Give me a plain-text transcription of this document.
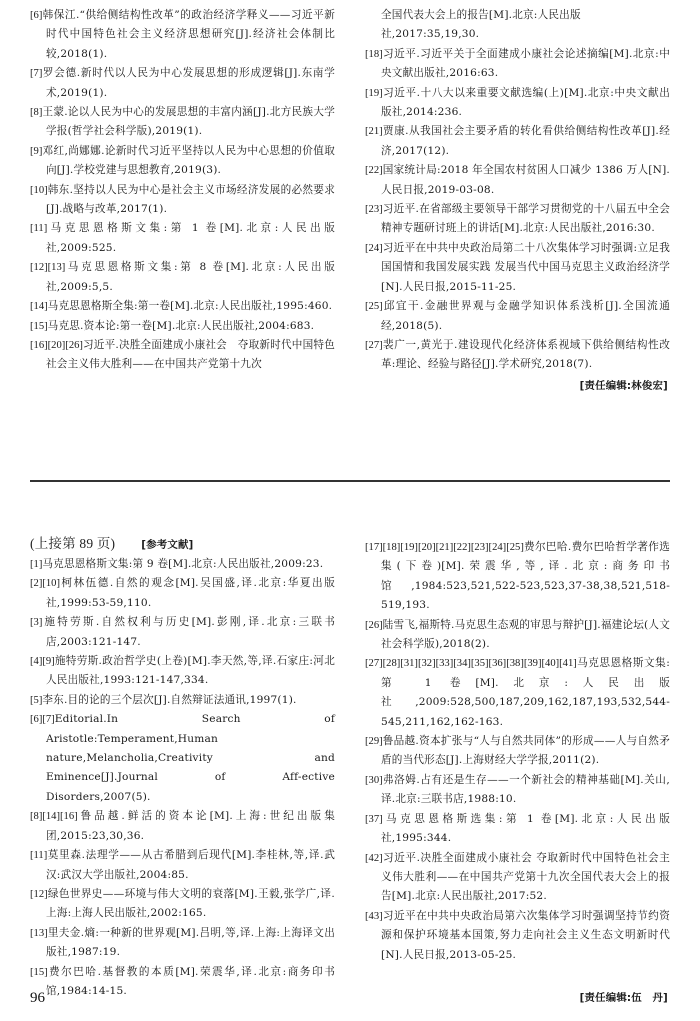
[6]韩保江.“供给侧结构性改革”的政治经济学释义——习近平新时代中国特色社会主义经济思想研究[J].经济社会体制比较,2018(1).
[7]罗会德.新时代以人民为中心发展思想的形成逻辑[J].东南学术,2019(1).
[8]王蒙.论以人民为中心的发展思想的丰富内涵[J].北方民族大学学报(哲学社会科学版),2019(1).
[9]邓红,尚娜娜.论新时代习近平坚持以人民为中心思想的价值取向[J].学校党建与思想教育,2019(3).
[10]韩东.坚持以人民为中心是社会主义市场经济发展的必然要求[J].战略与改革,2017(1).
[11]马克思恩格斯文集:第 1 卷[M].北京:人民出版社,2009:525.
[12][13]马克思恩格斯文集:第 8 卷[M].北京:人民出版社,2009:5,5.
[14]马克思恩格斯全集:第一卷[M].北京:人民出版社,1995:460.
[15]马克思.资本论:第一卷[M].北京:人民出版社,2004:683.
[16][20][26]习近平.决胜全面建成小康社会　夺取新时代中国特色社会主义伟大胜利——在中国共产党第十九次
全国代表大会上的报告[M].北京:人民出版社,2017:35,19,30.
[18]习近平.习近平关于全面建成小康社会论述摘编[M].北京:中央文献出版社,2016:63.
[19]习近平.十八大以来重要文献选编(上)[M].北京:中央文献出版社,2014:236.
[21]贾康.从我国社会主要矛盾的转化看供给侧结构性改革[J].经济,2017(12).
[22]国家统计局:2018 年全国农村贫困人口减少 1386 万人[N].人民日报,2019-03-08.
[23]习近平.在省部级主要领导干部学习贯彻党的十八届五中全会精神专题研讨班上的讲话[M].北京:人民出版社,2016:30.
[24]习近平在中共中央政治局第二十八次集体学习时强调:立足我国国情和我国发展实践 发展当代中国马克思主义政治经济学[N].人民日报,2015-11-25.
[25]邱宜干.金融世界观与金融学知识体系浅析[J].全国流通经,2018(5).
[27]裴广一,黄光于.建设现代化经济体系视域下供给侧结构性改革:理论、经验与路径[J].学术研究,2018(7).
[责任编辑:林俊宏]
(上接第 89 页)	[参考文献]
[1]马克思恩格斯文集:第 9 卷[M].北京:人民出版社,2009:23.
[2][10]柯林伍德.自然的观念[M].吴国盛,译.北京:华夏出版社,1999:53-59,110.
[3]施特劳斯.自然权利与历史[M].彭刚,译.北京:三联书店,2003:121-147.
[4][9]施特劳斯.政治哲学史(上卷)[M].李天然,等,译.石家庄:河北人民出版社,1993:121-147,334.
[5]李东.目的论的三个层次[J].自然辩证法通讯,1997(1).
[6][7]Editorial.In Search of Aristotle:Temperament,Human nature,Melancholia,Creativity and Eminence[J].Journal of Aff-ective Disorders,2007(5).
[8][14][16]鲁品越.鲜活的资本论[M].上海:世纪出版集团,2015:23,30,36.
[11]莫里森.法理学——从古希腊到后现代[M].李桂林,等,译.武汉:武汉大学出版社,2004:85.
[12]绿色世界史——环境与伟大文明的衰落[M].王毅,张学广,译.上海:上海人民出版社,2002:165.
[13]里夫金.熵:一种新的世界观[M].吕明,等,译.上海:上海译文出版社,1987:19.
[15]费尔巴哈.基督教的本质[M].荣震华,译.北京:商务印书馆,1984:14-15.
[17][18][19][20][21][22][23][24][25]费尔巴哈.费尔巴哈哲学著作选集(下卷)[M].荣震华,等,译.北京:商务印书馆,1984:523,521,522-523,523,37-38,38,521,518-519,193.
[26]陆雪飞,福斯特.马克思生态观的审思与辩护[J].福建论坛(人文社会科学版),2018(2).
[27][28][31][32][33][34][35][36][38][39][40][41]马克思恩格斯文集:第 1 卷[M].北京:人民出版社,2009:528,500,187,209,162,187,193,532,544-545,211,162,162-163.
[29]鲁品越.资本扩张与“人与自然共同体”的形成——人与自然矛盾的当代形态[J].上海财经大学学报,2011(2).
[30]弗洛姆.占有还是生存——一个新社会的精神基础[M].关山,译.北京:三联书店,1988:10.
[37]马克思恩格斯选集:第 1 卷[M].北京:人民出版社,1995:344.
[42]习近平.决胜全面建成小康社会 夺取新时代中国特色社会主义伟大胜利——在中国共产党第十九次全国代表大会上的报告[M].北京:人民出版社,2017:52.
[43]习近平在中共中央政治局第六次集体学习时强调坚持节约资源和保护环境基本国策,努力走向社会主义生态文明新时代[N].人民日报,2013-05-25.
[责任编辑:伍　丹]
96
